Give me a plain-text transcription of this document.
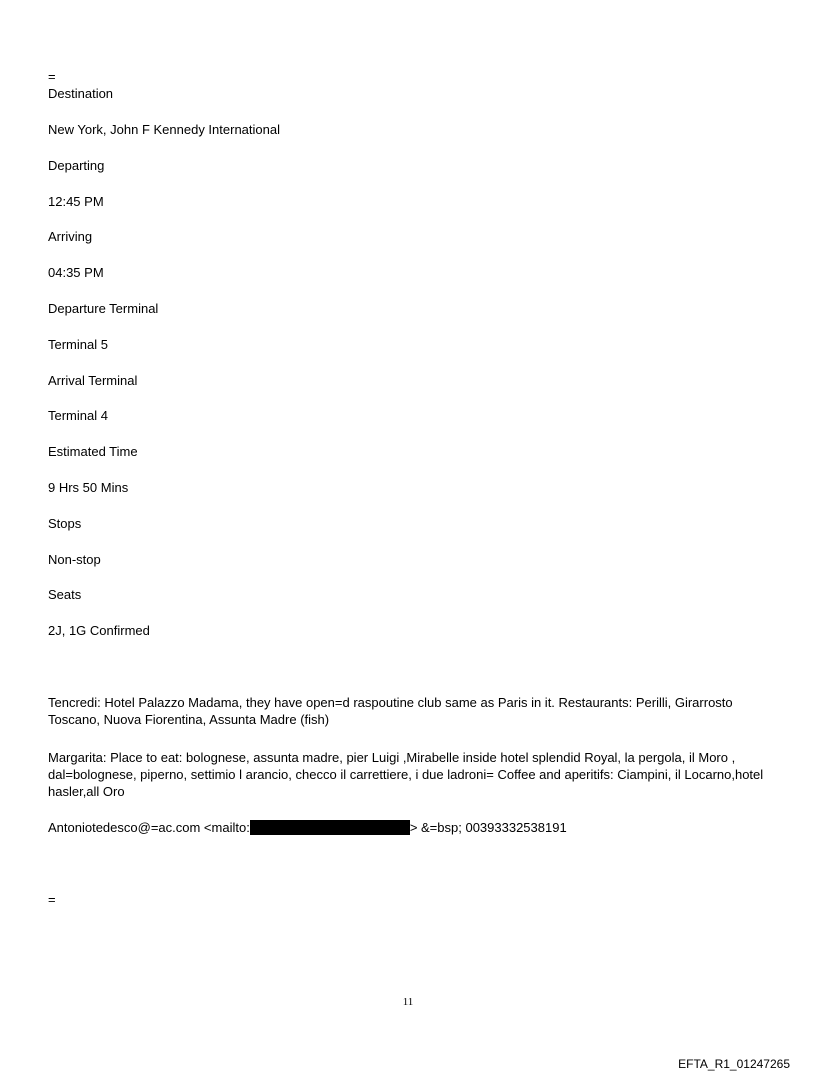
=
Destination
New York, John F Kennedy International
Departing
12:45 PM
Arriving
04:35 PM
Departure Terminal
Terminal 5
Arrival Terminal
Terminal 4
Estimated Time
9 Hrs 50 Mins
Stops
Non-stop
Seats
2J, 1G Confirmed
Tencredi: Hotel Palazzo Madama, they have open=d raspoutine club same as Paris in it. Restaurants: Perilli, Girarrosto Toscano, Nuova Fiorentina, Assunta Madre (fish)
Margarita: Place to eat: bolognese, assunta madre, pier Luigi ,Mirabelle inside hotel splendid Royal, la pergola, il Moro , dal=bolognese, piperno, settimio l arancio, checco il carrettiere, i due ladroni= Coffee and aperitifs: Ciampini, il Locarno,hotel hasler,all Oro
Antoniotedesco@=ac.com <mailto:	> &=bsp; 00393332538191
=
11
EFTA_R1_01247265
